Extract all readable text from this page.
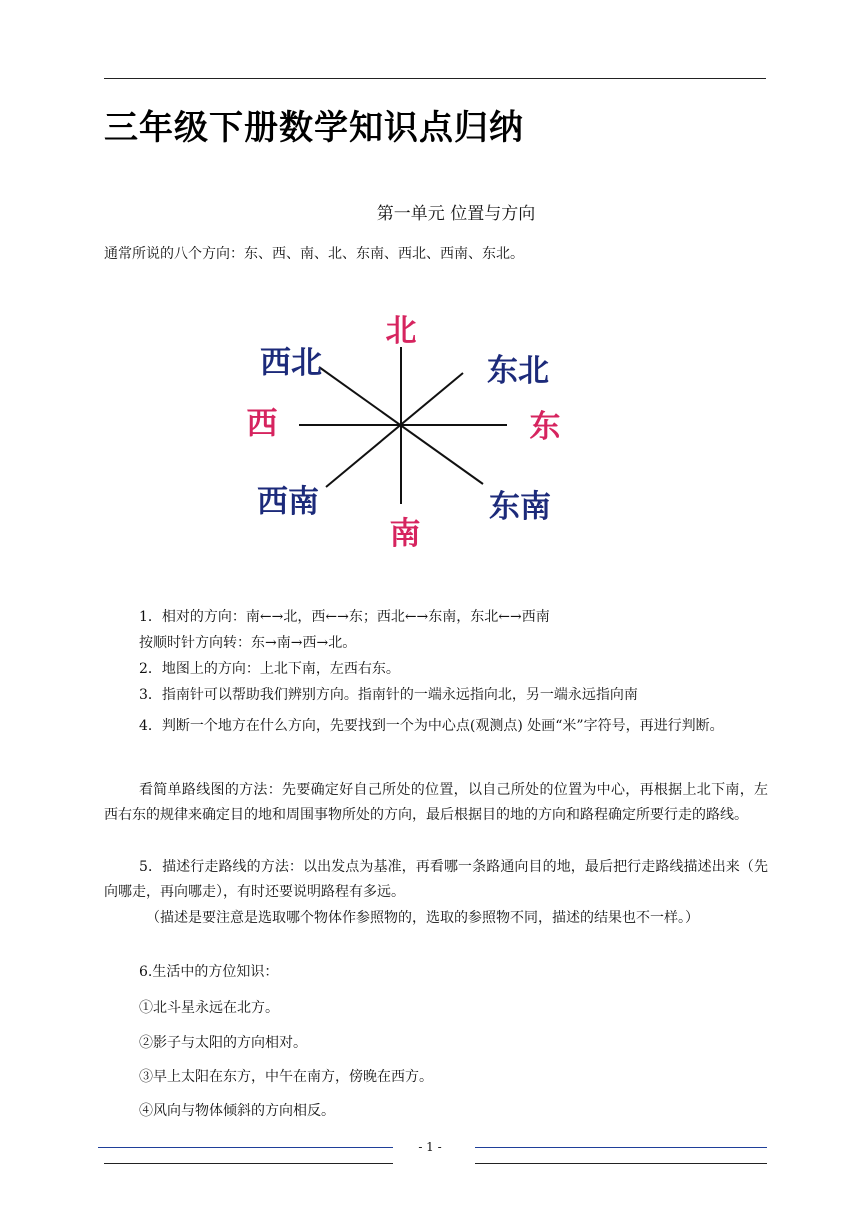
三年级下册数学知识点归纳
第一单元 位置与方向
通常所说的八个方向：东、西、南、北、东南、西北、西南、东北。
北
南
东
西
东北
西北
东南
西南
1．相对的方向：南←→北，西←→东；西北←→东南，东北←→西南
按顺时针方向转：东→南→西→北。
2．地图上的方向：上北下南，左西右东。
3．指南针可以帮助我们辨别方向。指南针的一端永远指向北，另一端永远指向南
4．判断一个地方在什么方向，先要找到一个为中心点(观测点) 处画“米”字符号，再进行判断。
看简单路线图的方法：先要确定好自己所处的位置，以自己所处的位置为中心，再根据上北下南，左西右东的规律来确定目的地和周围事物所处的方向，最后根据目的地的方向和路程确定所要行走的路线。
5．描述行走路线的方法：以出发点为基准，再看哪一条路通向目的地，最后把行走路线描述出来（先向哪走，再向哪走），有时还要说明路程有多远。
（描述是要注意是选取哪个物体作参照物的，选取的参照物不同，描述的结果也不一样。）
6.生活中的方位知识：
①北斗星永远在北方。
②影子与太阳的方向相对。
③早上太阳在东方，中午在南方，傍晚在西方。
④风向与物体倾斜的方向相反。
- 1 -
